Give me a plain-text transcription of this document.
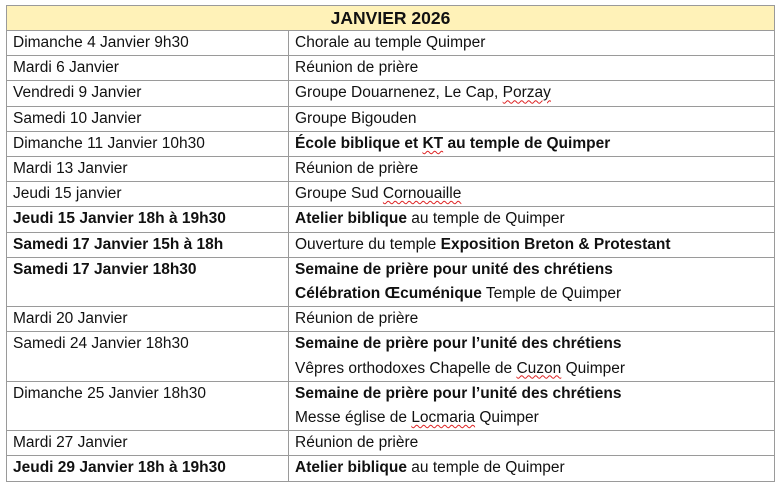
JANVIER 2026	
Dimanche 4 Janvier 9h30	Chorale au temple Quimper

Mardi 6 Janvier	Réunion de prière

Vendredi 9 Janvier	Groupe Douarnenez, Le Cap, Porzay

Samedi 10 Janvier	Groupe Bigouden

Dimanche 11 Janvier 10h30	École biblique et KT au temple de Quimper

Mardi 13 Janvier	Réunion de prière

Jeudi 15 janvier	Groupe Sud Cornouaille

Jeudi 15 Janvier 18h à 19h30	Atelier biblique au temple de Quimper

Samedi 17 Janvier 15h à 18h	Ouverture du temple Exposition Breton & Protestant

Samedi 17 Janvier 18h30	Semaine de prière pour unité des chrétiens
Célébration Œcuménique Temple de Quimper

Mardi 20 Janvier	Réunion de prière

Samedi 24 Janvier 18h30	Semaine de prière pour l’unité des chrétiens
Vêpres orthodoxes Chapelle de Cuzon Quimper

Dimanche 25 Janvier 18h30	Semaine de prière pour l’unité des chrétiens
Messe église de Locmaria Quimper

Mardi 27 Janvier	Réunion de prière

Jeudi 29 Janvier 18h à 19h30	Atelier biblique au temple de Quimper
